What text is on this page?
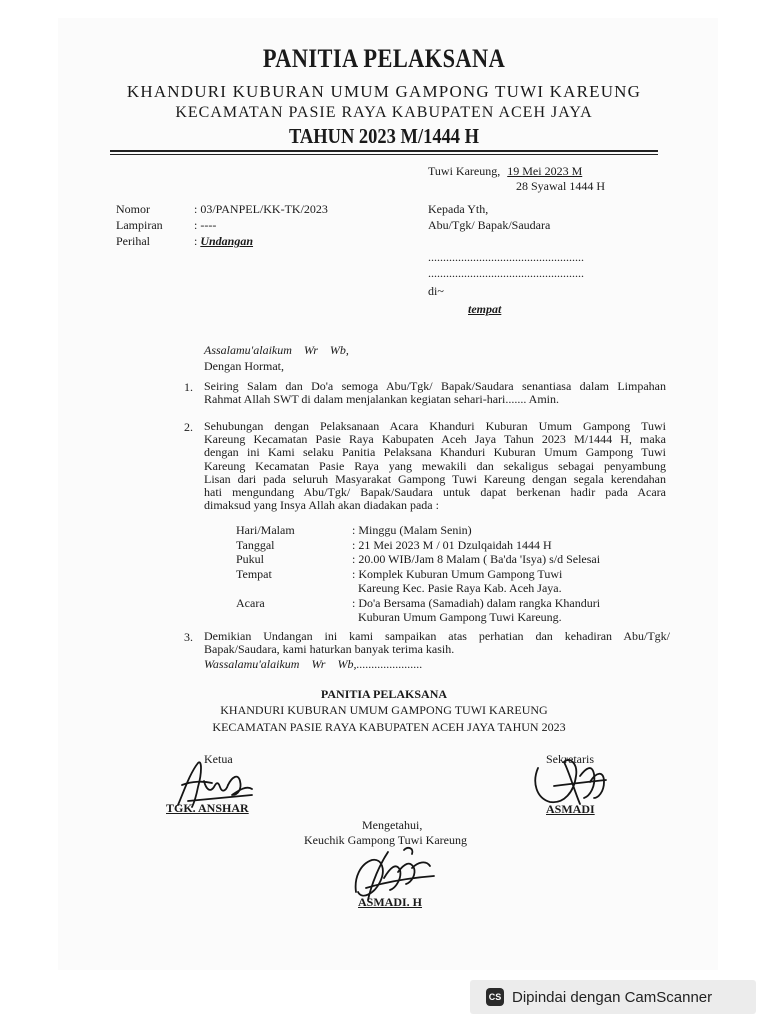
PANITIA PELAKSANA
KHANDURI KUBURAN UMUM GAMPONG TUWI KAREUNG
KECAMATAN PASIE RAYA KABUPATEN ACEH JAYA
TAHUN 2023 M/1444 H
Tuwi Kareung, 19 Mei 2023 M
28 Syawal 1444 H
Nomor	: 03/PANPEL/KK-TK/2023
Lampiran	: ----
Perihal	: Undangan
Kepada Yth,
Abu/Tgk/ Bapak/Saudara
....................................................
....................................................
di~
tempat
Assalamu'alaikum    Wr    Wb,
Dengan Hormat,
1. Seiring Salam dan Do'a semoga Abu/Tgk/ Bapak/Saudara senantiasa dalam Limpahan
Rahmat Allah SWT di dalam menjalankan kegiatan sehari-hari....... Amin.
2. Sehubungan dengan Pelaksanaan Acara Khanduri Kuburan Umum Gampong Tuwi
Kareung Kecamatan Pasie Raya Kabupaten Aceh Jaya Tahun 2023 M/1444 H, maka
dengan ini Kami selaku Panitia Pelaksana Khanduri Kuburan Umum Gampong Tuwi
Kareung Kecamatan Pasie Raya yang mewakili dan sekaligus sebagai penyambung
Lisan dari pada seluruh Masyarakat Gampong Tuwi Kareung dengan segala kerendahan
hati mengundang Abu/Tgk/ Bapak/Saudara untuk dapat berkenan hadir pada Acara
dimaksud yang Insya Allah akan diadakan pada :
Hari/Malam	: Minggu (Malam Senin)
Tanggal	: 21 Mei 2023 M / 01 Dzulqaidah 1444 H
Pukul	: 20.00 WIB/Jam 8 Malam ( Ba'da 'Isya) s/d Selesai
Tempat	: Komplek Kuburan Umum Gampong Tuwi
Kareung Kec. Pasie Raya Kab. Aceh Jaya.
Acara	: Do'a Bersama (Samadiah) dalam rangka Khanduri
Kuburan Umum Gampong Tuwi Kareung.
3. Demikian Undangan ini kami sampaikan atas perhatian dan kehadiran Abu/Tgk/
Bapak/Saudara, kami haturkan banyak terima kasih.
Wassalamu'alaikum    Wr    Wb,......................
PANITIA PELAKSANA
KHANDURI KUBURAN UMUM GAMPONG TUWI KAREUNG
KECAMATAN PASIE RAYA KABUPATEN ACEH JAYA TAHUN 2023
Ketua
TGK. ANSHAR
Sekretaris
ASMADI
Mengetahui,
Keuchik Gampong Tuwi Kareung
ASMADI. H
CS Dipindai dengan CamScanner
